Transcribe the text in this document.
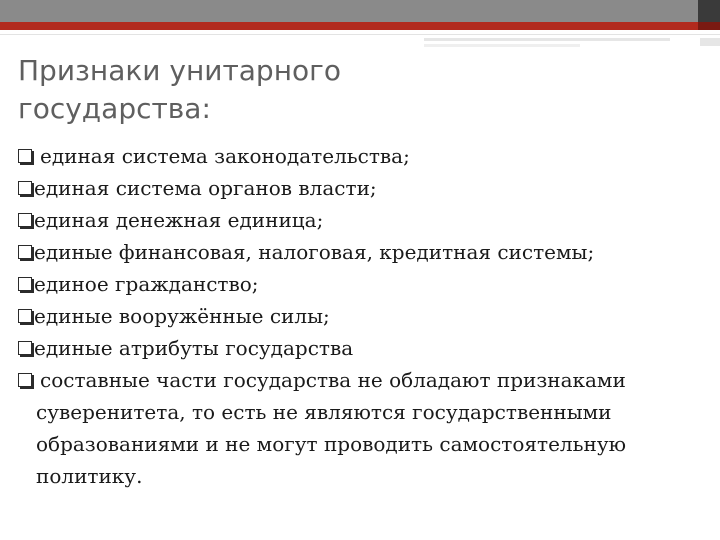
Признаки унитарного
государства:
единая система законодательства;
единая система органов власти;
единая денежная единица;
единые финансовая, налоговая, кредитная системы;
единое гражданство;
единые вооружённые силы;
единые атрибуты государства
составные части государства не обладают признаками
суверенитета, то есть не являются государственными
образованиями и не могут проводить самостоятельную
политику.
